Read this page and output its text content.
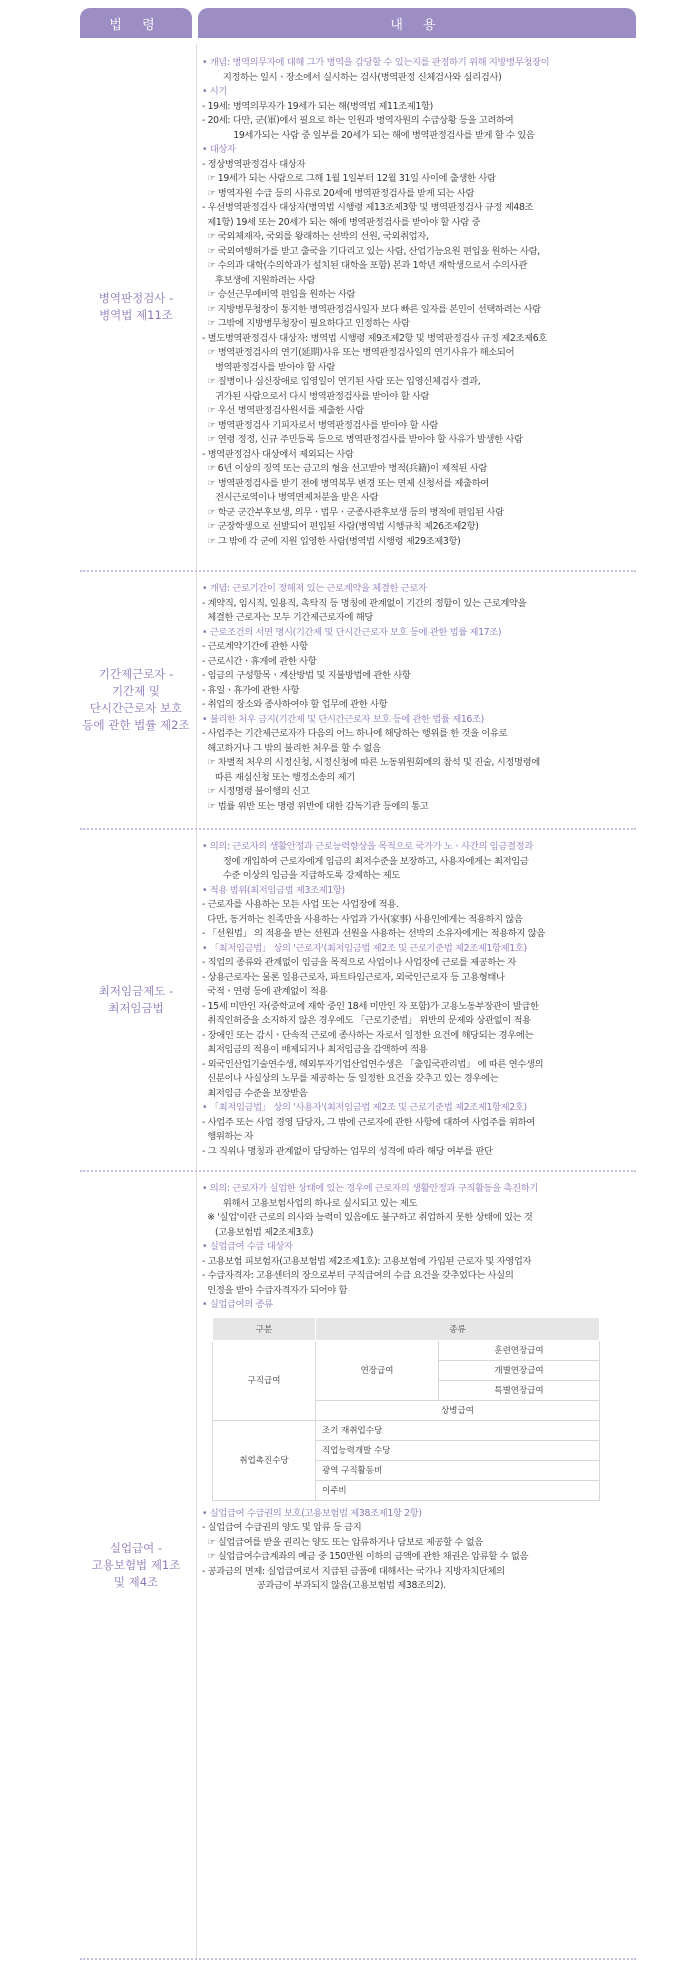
법 령	내 용
병역판정검사 -
병역법 제11조
• 개념: 병역의무자에 대해 그가 병역을 감당할 수 있는지를 판정하기 위해 지방병무청장이
지정하는 일시ㆍ장소에서 실시하는 검사(병역판정 신체검사와 심리검사)
• 시기
- 19세: 병역의무자가 19세가 되는 해(병역법 제11조제1항)
- 20세: 다만, 군(軍)에서 필요로 하는 인원과 병역자원의 수급상황 등을 고려하여
19세가되는 사람 중 일부를 20세가 되는 해에 병역판정검사를 받게 할 수 있음
• 대상자
- 정상병역판정검사 대상자
☞ 19세가 되는 사람으로 그해 1월 1일부터 12월 31일 사이에 출생한 사람
☞ 병역자원 수급 등의 사유로 20세에 병역판정검사를 받게 되는 사람
- 우선병역판정검사 대상자(병역법 시행령 제13조제3항 및 병역판정검사 규정 제48조
제1항) 19세 또는 20세가 되는 해에 병역판정검사를 받아야 할 사람 중
☞ 국외체재자, 국외를 왕래하는 선박의 선원, 국외취업자,
☞ 국외여행허가를 받고 출국을 기다리고 있는 사람, 산업기능요원 편입을 원하는 사람,
☞ 수의과 대학(수의학과가 설치된 대학을 포함) 본과 1학년 재학생으로서 수의사관
후보생에 지원하려는 사람
☞ 승선근무예비역 편입을 원하는 사람
☞ 지방병무청장이 통지한 병역판정검사일자 보다 빠른 일자를 본인이 선택하려는 사람
☞ 그밖에 지방병무청장이 필요하다고 인정하는 사람
- 별도병역판정검사 대상자: 병역법 시행령 제9조제2항 및 병역판정검사 규정 제2조제6호
☞ 병역판정검사의 연기(延期)사유 또는 병역판정검사일의 연기사유가 해소되어
병역판정검사를 받아야 할 사람
☞ 질병이나 심신장애로 입영일이 연기된 사람 또는 입영신체검사 결과,
귀가된 사람으로서 다시 병역판정검사를 받아야 할 사람
☞ 우선 병역판정검사원서를 제출한 사람
☞ 병역판정검사 기피자로서 병역판정검사를 받아야 할 사람
☞ 연령 정정, 신규 주민등록 등으로 병역판정검사를 받아야 할 사유가 발생한 사람
- 병역판정검사 대상에서 제외되는 사람
☞ 6년 이상의 징역 또는 금고의 형을 선고받아 병적(兵籍)이 제적된 사람
☞ 병역판정검사를 받기 전에 병역복무 변경 또는 면제 신청서를 제출하여
전시근로역이나 병역면제처분을 받은 사람
☞ 학군 군간부후보생, 의무ㆍ법무ㆍ군종사관후보생 등의 병적에 편입된 사람
☞ 군장학생으로 선발되어 편입된 사람(병역법 시행규칙 제26조제2항)
☞ 그 밖에 각 군에 지원 입영한 사람(병역법 시행령 제29조제3항)
기간제근로자 -
기간제 및
단시간근로자 보호
등에 관한 법률 제2조
• 개념: 근로기간이 정해져 있는 근로계약을 체결한 근로자
- 계약직, 임시직, 일용직, 촉탁직 등 명칭에 관계없이 기간의 정함이 있는 근로계약을
체결한 근로자는 모두 기간제근로자에 해당
• 근로조건의 서면 명시(기간제 및 단시간근로자 보호 등에 관한 법률 제17조)
- 근로계약기간에 관한 사항
- 근로시간ㆍ휴게에 관한 사항
- 임금의 구성항목ㆍ계산방법 및 지불방법에 관한 사항
- 휴일ㆍ휴가에 관한 사항
- 취업의 장소와 종사하여야 할 업무에 관한 사항
• 불리한 처우 금지(기간제 및 단시간근로자 보호 등에 관한 법률 제16조)
- 사업주는 기간제근로자가 다음의 어느 하나에 해당하는 행위를 한 것을 이유로
해고하거나 그 밖의 불리한 처우를 할 수 없음
☞ 차별적 처우의 시정신청, 시정신청에 따른 노동위원회에의 참석 및 진술, 시정명령에
따른 재심신청 또는 행정소송의 제기
☞ 시정명령 불이행의 신고
☞ 법률 위반 또는 명령 위반에 대한 감독기관 등에의 통고
최저임금제도 -
최저임금법
• 의의: 근로자의 생활안정과 근로능력향상을 목적으로 국가가 노ㆍ사간의 임금결정과
정에 개입하여 근로자에게 임금의 최저수준을 보장하고, 사용자에게는 최저임금
수준 이상의 임금을 지급하도록 강제하는 제도
• 적용 범위(최저임금법 제3조제1항)
- 근로자를 사용하는 모든 사업 또는 사업장에 적용.
다만, 동거하는 친족만을 사용하는 사업과 가사(家事) 사용인에게는 적용하지 않음
- 「선원법」 의 적용을 받는 선원과 선원을 사용하는 선박의 소유자에게는 적용하지 않음
• 「최저임금법」 상의 '근로자'(최저임금법 제2조 및 근로기준법 제2조제1항제1호)
- 직업의 종류와 관계없이 임금을 목적으로 사업이나 사업장에 근로를 제공하는 자
- 상용근로자는 물론 일용근로자, 파트타임근로자, 외국인근로자 등 고용형태나
국적ㆍ연령 등에 관계없이 적용
- 15세 미만인 자(중학교에 재학 중인 18세 미만인 자 포함)가 고용노동부장관이 발급한
취직인허증을 소지하지 않은 경우에도 「근로기준법」 위반의 문제와 상관없이 적용
- 장애인 또는 감시ㆍ단속적 근로에 종사하는 자로서 일정한 요건에 해당되는 경우에는
최저임금의 적용이 배제되거나 최저임금을 감액하여 적용
- 외국인산업기술연수생, 해외투자기업산업연수생은 「출입국관리법」 에 따른 연수생의
신분이나 사실상의 노무를 제공하는 등 일정한 요건을 갖추고 있는 경우에는
최저임금 수준을 보장받음
• 「최저임금법」 상의 '사용자'(최저임금법 제2조 및 근로기준법 제2조제1항제2호)
- 사업주 또는 사업 경영 담당자, 그 밖에 근로자에 관한 사항에 대하여 사업주를 위하여
행위하는 자
- 그 직위나 명칭과 관계없이 담당하는 업무의 성격에 따라 해당 여부를 판단
실업급여 -
고용보험법 제1조
및 제4조
• 의의: 근로자가 실업한 상태에 있는 경우에 근로자의 생활안정과 구직활동을 촉진하기
위해서 고용보험사업의 하나로 실시되고 있는 제도
※ '실업'이란 근로의 의사와 능력이 있음에도 불구하고 취업하지 못한 상태에 있는 것
(고용보험법 제2조제3호)
• 실업급여 수급 대상자
- 고용보험 피보험자(고용보험법 제2조제1호): 고용보험에 가입된 근로자 및 자영업자
- 수급자격자: 고용센터의 장으로부터 구직급여의 수급 요건을 갖추었다는 사실의
인정을 받아 수급자격자가 되어야 함
• 실업급여의 종류
구분	종류	
구직급여	연장급여	훈련연장급여
		개별연장급여
		특별연장급여
	상병급여	
취업촉진수당	조기 재취업수당	
	직업능력개발 수당	
	광역 구직활동비	
	이주비	
• 실업급여 수급권의 보호(고용보험법 제38조제1항 2항)
- 실업급여 수급권의 양도 및 압류 등 금지
☞ 실업급여를 받을 권리는 양도 또는 압류하거나 담보로 제공할 수 없음
☞ 실업급여수급계좌의 예금 중 150만원 이하의 금액에 관한 채권은 압류할 수 없음
- 공과금의 면제: 실업급여로서 지급된 금품에 대해서는 국가나 지방자치단체의
공과금이 부과되지 않음(고용보험법 제38조의2).
